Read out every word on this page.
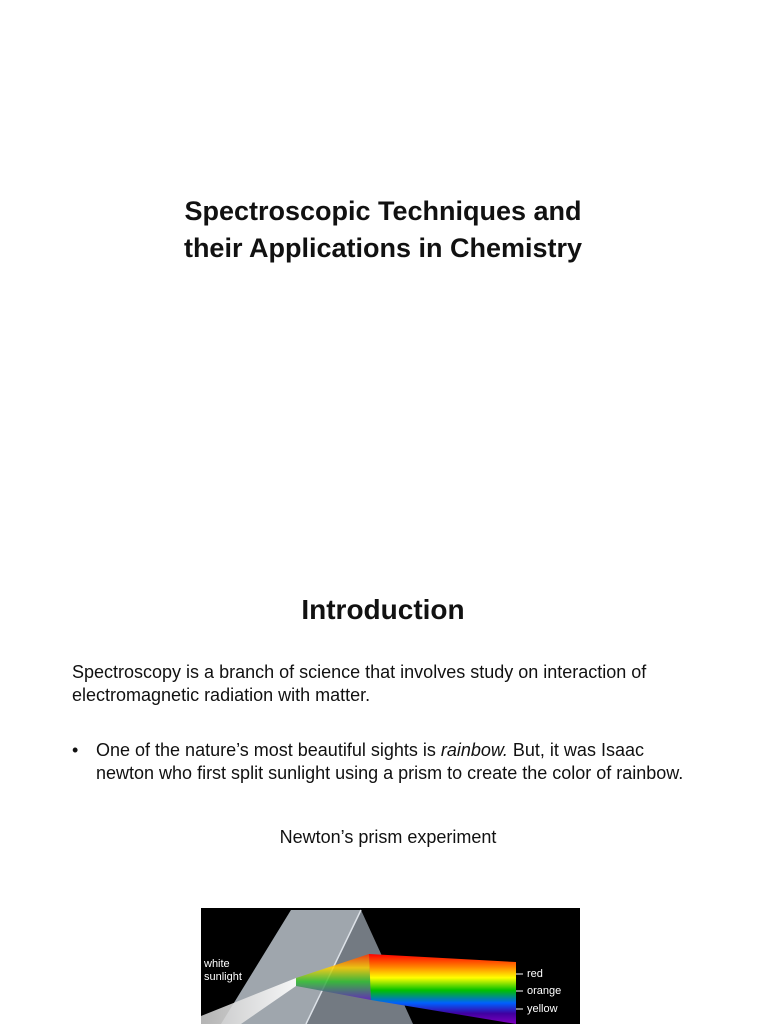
Spectroscopic Techniques and
their Applications in Chemistry
Introduction
Spectroscopy is a branch of science that involves study on interaction of electromagnetic radiation with matter.
• One of the nature’s most beautiful sights is rainbow. But, it was Isaac newton who first split sunlight using a prism to create the color of rainbow.
Newton’s prism experiment
white
sunlight	red
orange
yellow
